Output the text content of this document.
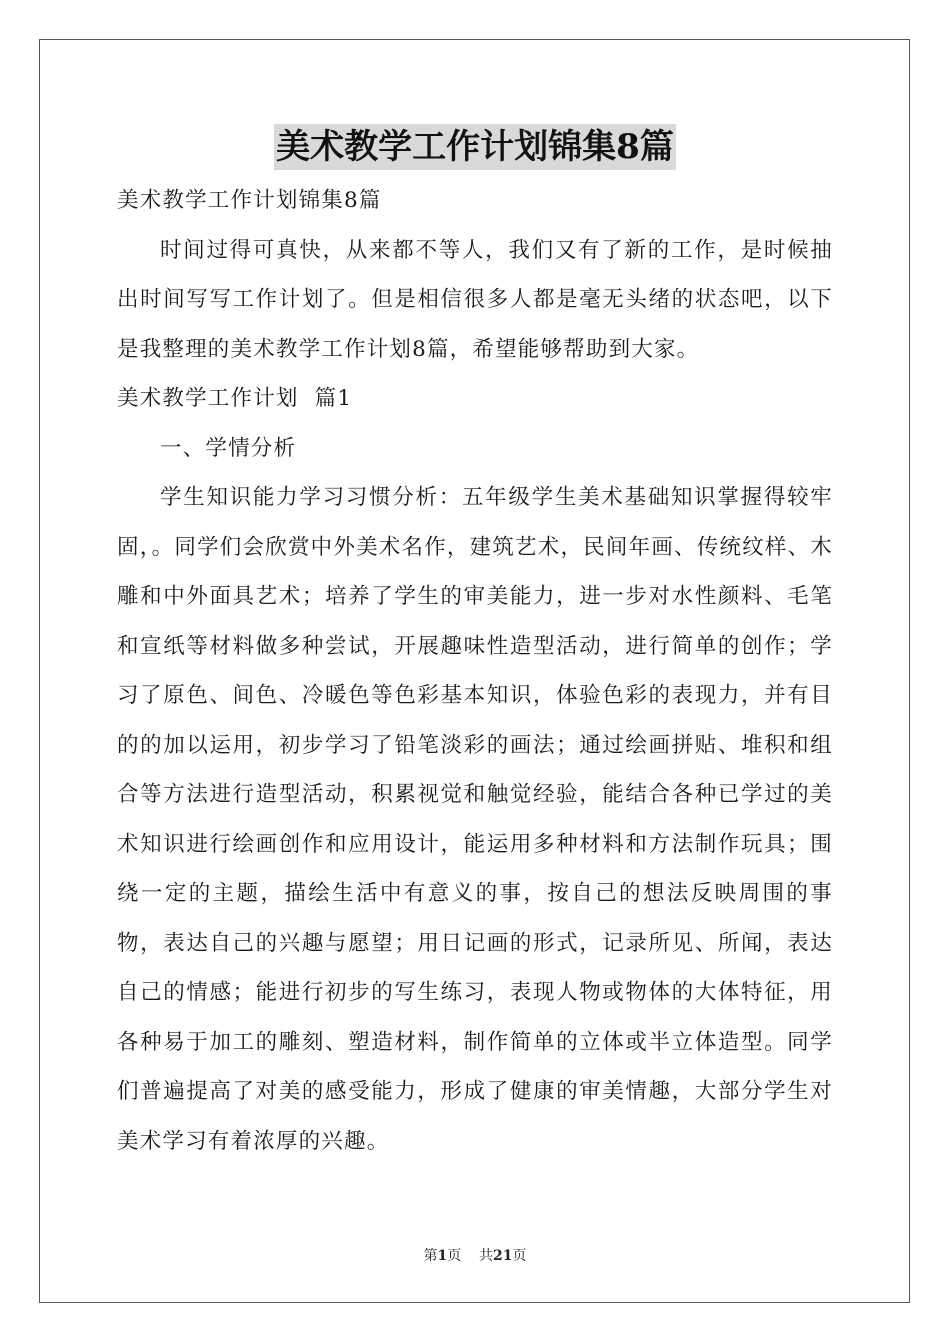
美术教学工作计划锦集8篇

美术教学工作计划锦集8篇

时间过得可真快，从来都不等人，我们又有了新的工作，是时候抽出时间写写工作计划了。但是相信很多人都是毫无头绪的状态吧，以下是我整理的美术教学工作计划8篇，希望能够帮助到大家。

美术教学工作计划  篇1

一、学情分析

学生知识能力学习习惯分析：五年级学生美术基础知识掌握得较牢固，。同学们会欣赏中外美术名作，建筑艺术，民间年画、传统纹样、木雕和中外面具艺术；培养了学生的审美能力，进一步对水性颜料、毛笔和宣纸等材料做多种尝试，开展趣味性造型活动，进行简单的创作；学习了原色、间色、冷暖色等色彩基本知识，体验色彩的表现力，并有目的的加以运用，初步学习了铅笔淡彩的画法；通过绘画拼贴、堆积和组合等方法进行造型活动，积累视觉和触觉经验，能结合各种已学过的美术知识进行绘画创作和应用设计，能运用多种材料和方法制作玩具；围绕一定的主题，描绘生活中有意义的事，按自己的想法反映周围的事物，表达自己的兴趣与愿望；用日记画的形式，记录所见、所闻，表达自己的情感；能进行初步的写生练习，表现人物或物体的大体特征，用各种易于加工的雕刻、塑造材料，制作简单的立体或半立体造型。同学们普遍提高了对美的感受能力，形成了健康的审美情趣，大部分学生对美术学习有着浓厚的兴趣。

第1页 共21页
